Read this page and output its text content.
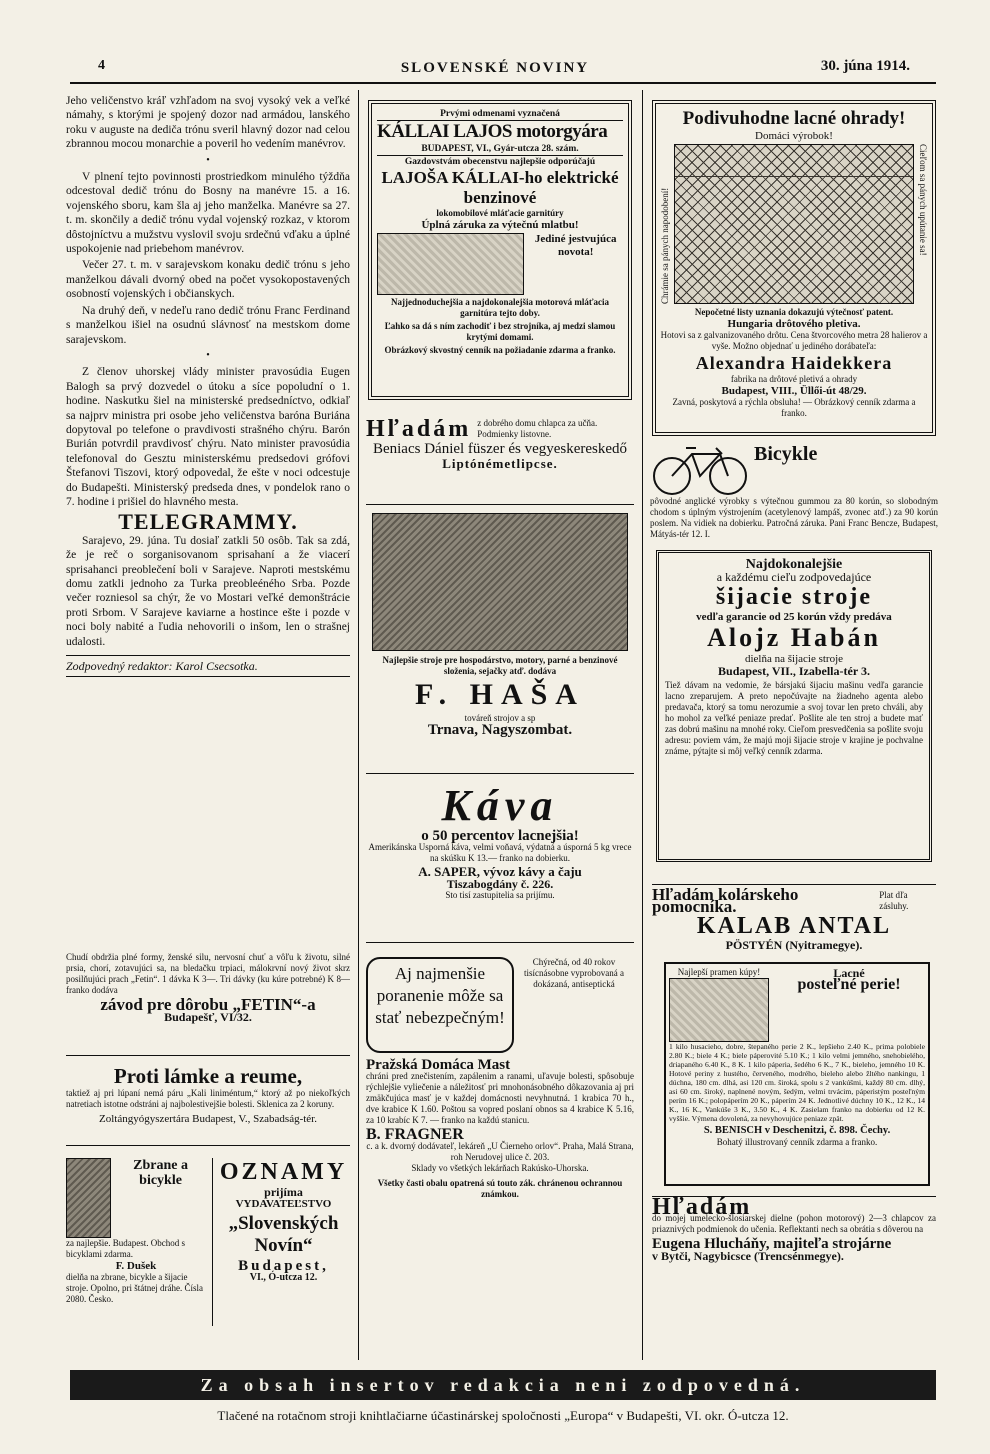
4	SLOVENSKÉ NOVINY	30. júna 1914.

Jeho veličenstvo kráľ vzhľadom na svoj vysoký vek a veľké námahy, s ktorými je spojený dozor nad armádou, lanského roku v auguste na dediča trónu sveril hlavný dozor nad celou zbrannou mocou monarchie a poveril ho vedením manévrov.

•

V plnení tejto povinnosti prostriedkom minulého týždňa odcestoval dedič trónu do Bosny na manévre 15. a 16. vojenského sboru, kam šla aj jeho manželka. Manévre sa 27. t. m. skončily a dedič trónu vydal vojenský rozkaz, v ktorom dôstojníctvu a mužstvu vyslovil svoju srdečnú vďaku a úplné uspokojenie nad priebehom manévrov.

Večer 27. t. m. v sarajevskom konaku dedič trónu s jeho manželkou dávali dvorný obed na počet vysokopostavených osobností vojenských i občianskych.

Na druhý deň, v nedeľu rano dedič trónu Franc Ferdinand s manželkou išiel na osudnú slávnosť na mestskom dome sarajevskom.

•

Z členov uhorskej vlády minister pravosúdia Eugen Balogh sa prvý dozvedel o útoku a síce popoludní o 1. hodine. Naskutku šiel na ministerské predsedníctvo, odkiaľ sa najprv ministra pri osobe jeho veličenstva baróna Buriána dopytoval po telefone o pravdivosti strašného chýru. Barón Burián potvrdil pravdivosť chýru. Nato minister pravosúdia telefonoval do Gesztu ministerskému predsedovi grófovi Štefanovi Tiszovi, ktorý odpovedal, že ešte v noci odcestuje do Budapešti. Ministerský predseda dnes, v pondelok rano o 7. hodine i prišiel do hlavného mesta.

TELEGRAMMY.

Sarajevo, 29. júna. Tu dosiaľ zatkli 50 osôb. Tak sa zdá, že je reč o sorganisovanom sprisahaní a že viacerí sprisahanci preoblečení boli v Sarajeve. Naproti mestskému domu zatkli jednoho za Turka preobleéného Srba. Pozde večer rozniesol sa chýr, že vo Mostari veľké demonštrácie proti Srbom. V Sarajeve kaviarne a hostince ešte i pozde v noci boly nabité a ľudia nehovorili o inšom, len o strašnej udalosti.

Zodpovedný redaktor: Karol Csecsotka.
Chudí obdržia plné formy, ženské silu, nervosní chuť a vôľu k životu, silné prsia, chorí, zotavujúci sa, na bledačku trpiaci, málokrvní nový život skrz posilňujúci prach „Fetin“. 1 dávka K 3—. Tri dávky (ku kúre potrebné) K 8— franko dodáva
závod pre dôrobu „FETIN“-a
Budapešť, VI/32.
Proti lámke a reume,
taktiež aj pri lúpaní nemá páru „Kali liniméntum,“ ktorý až po niekoľkých natretiach istotne odstráni aj najbolestivejšie bolesti. Sklenica za 2 koruny.
Zoltángyógyszertára Budapest, V., Szabadság-tér.
Zbrane a bicykle
za najlepšie. Budapest. Obchod s bicyklami zdarma.
F. Dušek
dielňa na zbrane, bicykle a šijacie stroje. Opolno, pri štátnej dráhe. Čísla 2080. Česko.
OZNAMY
prijíma
VYDAVATEĽSTVO
„Slovenských Novín“
Budapest,
VI., Ó-utcza 12.
Prvými odmenami vyznačená
KÁLLAI LAJOS motorgyára
BUDAPEST, VI., Gyár-utcza 28. szám.
Gazdovstvám obecenstvu najlepšie odporúčajú
LAJOŠA KÁLLAI-ho elektrické benzinové
lokomobilové mláťacie garnitúry
Úplná záruka za výtečnú mlatbu!
Jediné jestvujúca novota!
Najjednoduchejšia a najdokonalejšia motorová mláťacia garnitúra tejto doby.
Ľahko sa dá s ním zachodiť i bez strojníka, aj medzi slamou krytými domami.
Obrázkový skvostný cenník na požiadanie zdarma a franko.
Hľadám z dobrého domu chlapca za učňa. Podmienky listovne.
Beniacs Dániel füszer és vegyeskereskedő
Liptónémetlipcse.
Najlepšie stroje pre hospodárstvo, motory, parné a benzinové složenia, sejačky atď. dodáva
F. HAŠA
továreň strojov a sp
Trnava, Nagyszombat.
Káva
o 50 percentov lacnejšia!
Amerikánska Usporná káva, velmi voňavá, výdatná a úsporná 5 kg vrece na skúšku K 13.— franko na dobierku.
A. SAPER, vývoz kávy a čaju
Tiszabogdány č. 226.
Sto tisí zastupitelia sa prijímu.
Aj najmenšie poranenie môže sa stať nebezpečným!
Chýrečná, od 40 rokov tisícnásobne vyprobovaná a dokázaná, antiseptická
Pražská Domáca Mast
chráni pred znečistením, zapálenim a ranami, uľavuje bolesti, spôsobuje rýchlejšie vyliečenie a náležitosť pri mnohonásobného dôkazovania aj pri zmäkčujúca masť je v každej domácnosti nevyhnutná. 1 krabica 70 h., dve krabice K 1.60. Poštou sa vopred poslaní obnos sa 4 krabice K 5.16, za 10 krabíc K 7. — franko na každú stanicu.
B. FRAGNER
c. a k. dvorný dodávateľ, lekáreň „U Čierneho orlov“. Praha, Malá Strana, roh Nerudovej ulice č. 203.
Sklady vo všetkých lekárňach Rakúsko-Uhorska.
Všetky časti obalu opatrená sú touto zák. chránenou ochrannou známkou.
Podivuhodne lacné ohrady!
Domáci výrobok!
Chrámie sa pánych napodobení!	Cieľom sa pánych upútanie sa!
Nepočetné listy uznania dokazujú výtečnosť patent.
Hungaria drôtového pletiva.
Hotovi sa z galvanizovaného drôtu. Cena štvorcového metra 28 halierov a vyše. Možno objednať u jediného dorábateľa:
Alexandra Haidekkera
fabrika na drôtové pletivá a ohrady
Budapest, VIII., Üllői-út 48/29.
Zavná, poskytová a rýchla obsluha! — Obrázkový cenník zdarma a franko.
Bicykle
pôvodné anglické výrobky s výtečnou gummou za 80 korún, so slobodným chodom s úplným výstrojením (acetylenový lampáš, zvonec atď.) za 90 korún poslem. Na vidiek na dobierku. Patročná záruka. Pani Franc Bencze, Budapest, Mátyás-tér 12. I.
Najdokonalejšie
a každému cieľu zodpovedajúce
šijacie stroje
vedľa garancie od 25 korún vždy predáva
Alojz Habán
dielňa na šijacie stroje
Budapest, VII., Izabella-tér 3.
Tiež dávam na vedomie, že bársjakú šijaciu mašinu vedľa garancie lacno zreparujem. A preto nepočúvajte na žiadneho agenta alebo predavača, ktorý sa tomu nerozumie a svoj tovar len preto chváli, aby ho mohol za veľké peniaze predať. Pošlite ale ten stroj a budete mať zas dobrú mašinu na mnohé roky. Cieľom presvedčenia sa pošlite svoju adresu: poviem vám, že majú moji šijacie stroje v krajine je pochvalne známe, pýtajte si môj veľký cenník zdarma.
Hľadám kolárskeho pomocníka.
Plat dľa zásluhy.
KALAB ANTAL
PÖSTYÉN (Nyitramegye).
Najlepší pramen kúpy!	Lacné
posteľné perie!
1 kilo husacieho, dobre, štepaného perie 2 K., lepšieho 2.40 K., prima polobiele 2.80 K.; biele 4 K.; biele páperovité 5.10 K.; 1 kilo velmi jemného, snehobielého, driapaného 6.40 K., 8 K. 1 kilo páperia, šedého 6 K., 7 K., bieleho, jemného 10 K. Hotové periny z hustého, červeného, modrého, bieleho alebo žltého nankingu, 1 dúchna, 180 cm. dlhá, asi 120 cm. široká, spolu s 2 vankúšmi, každý 80 cm. dlhý, asi 60 cm. široký, naplnené novým, šedým, velmi trvácim, páperistým posteľným perím 16 K.; polopáperím 20 K., páperím 24 K. Jednotlivé dúchny 10 K., 12 K., 14 K., 16 K., Vankúše 3 K., 3.50 K., 4 K. Zasielam franko na dobierku od 12 K. vyššie. Výmena dovolená, za nevyhovujúce peniaze zpät.
S. BENISCH v Deschenitzi, č. 898. Čechy.
Bohatý illustrovaný cenník zdarma a franko.
Hľadám
do mojej umelecko-šlosiarskej dielne (pohon motorový) 2—3 chlapcov za priaznivých podmienok do učenia. Reflektanti nech sa obrátia s dôverou na
Eugena Hlucháňy, majiteľa strojárne
v Bytči, Nagybicsce (Trencsénmegye).
Za obsah insertov redakcia neni zodpovedná.
Tlačené na rotačnom stroji knihtlačiarne účastinárskej spoločnosti „Europa“ v Budapešti, VI. okr. Ó-utcza 12.
